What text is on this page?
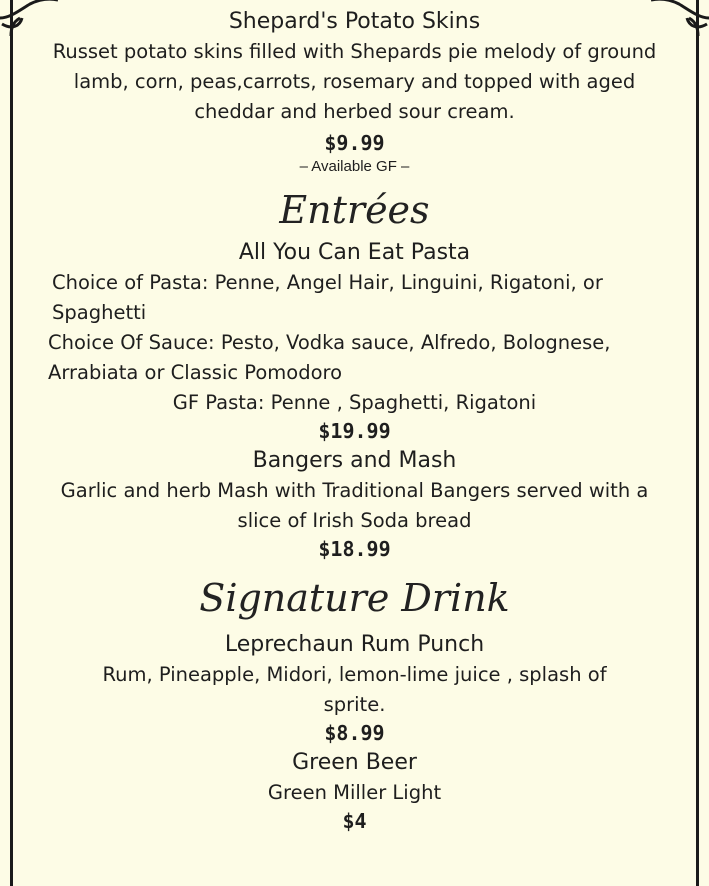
Shepard's Potato Skins
Russet potato skins filled with Shepards pie melody of ground lamb, corn, peas,carrots, rosemary and topped with aged cheddar and herbed sour cream.
$9.99
– Available GF –
Entrées
All You Can Eat Pasta
Choice of Pasta: Penne, Angel Hair, Linguini, Rigatoni, or Spaghetti
Choice Of Sauce: Pesto, Vodka sauce, Alfredo, Bolognese, Arrabiata or Classic Pomodoro
GF Pasta: Penne , Spaghetti, Rigatoni
$19.99
Bangers and Mash
Garlic and herb Mash with Traditional Bangers served with a slice of Irish Soda bread
$18.99
Signature Drink
Leprechaun Rum Punch
Rum, Pineapple, Midori, lemon-lime juice , splash of sprite.
$8.99
Green Beer
Green Miller Light
$4
